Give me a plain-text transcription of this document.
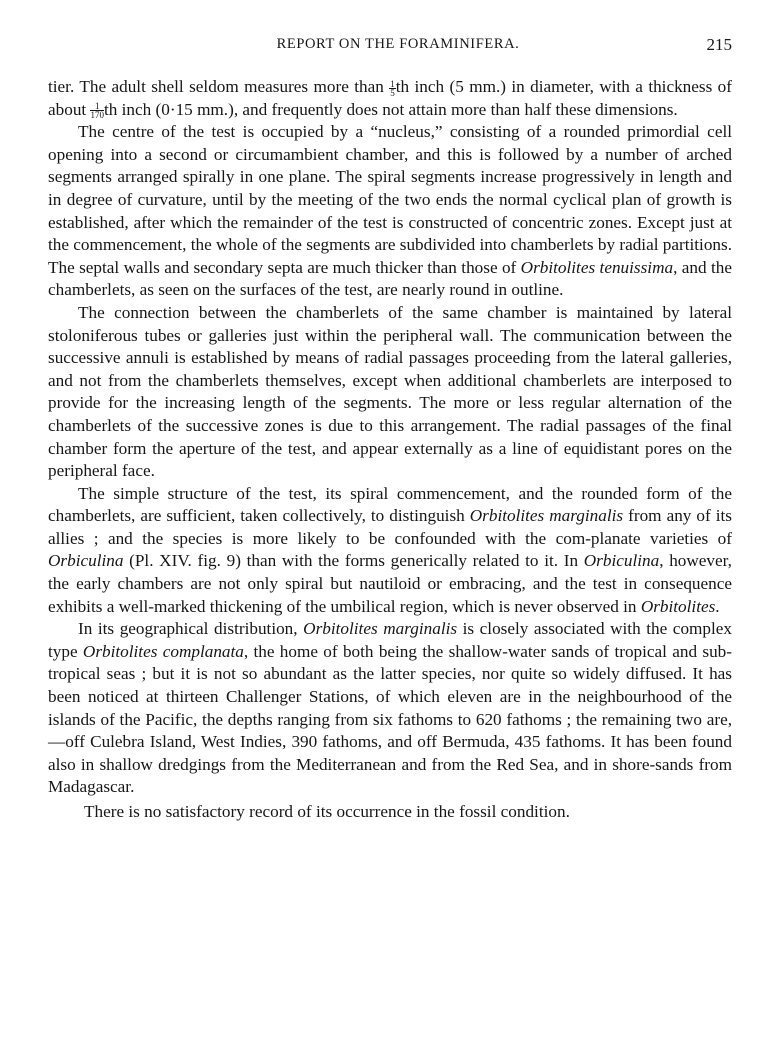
REPORT ON THE FORAMINIFERA.	215

tier. The adult shell seldom measures more than $\frac{1}{5}$ th inch (5 mm.) in diameter, with a thickness of about $\frac{1}{170}$ th inch (0·15 mm.), and frequently does not attain more than half these dimensions.

The centre of the test is occupied by a “nucleus,” consisting of a rounded primordial cell opening into a second or circumambient chamber, and this is followed by a number of arched segments arranged spirally in one plane. The spiral segments increase progressively in length and in degree of curvature, until by the meeting of the two ends the normal cyclical plan of growth is established, after which the remainder of the test is constructed of concentric zones. Except just at the commencement, the whole of the segments are subdivided into chamberlets by radial partitions. The septal walls and secondary septa are much thicker than those of Orbitolites tenuissima, and the chamberlets, as seen on the surfaces of the test, are nearly round in outline.

The connection between the chamberlets of the same chamber is maintained by lateral stoloniferous tubes or galleries just within the peripheral wall. The communication between the successive annuli is established by means of radial passages proceeding from the lateral galleries, and not from the chamberlets themselves, except when additional chamberlets are interposed to provide for the increasing length of the segments. The more or less regular alternation of the chamberlets of the successive zones is due to this arrangement. The radial passages of the final chamber form the aperture of the test, and appear externally as a line of equidistant pores on the peripheral face.

The simple structure of the test, its spiral commencement, and the rounded form of the chamberlets, are sufficient, taken collectively, to distinguish Orbitolites marginalis from any of its allies ; and the species is more likely to be confounded with the com-planate varieties of Orbiculina (Pl. XIV. fig. 9) than with the forms generically related to it. In Orbiculina, however, the early chambers are not only spiral but nautiloid or embracing, and the test in consequence exhibits a well-marked thickening of the umbilical region, which is never observed in Orbitolites.

In its geographical distribution, Orbitolites marginalis is closely associated with the complex type Orbitolites complanata, the home of both being the shallow-water sands of tropical and sub-tropical seas ; but it is not so abundant as the latter species, nor quite so widely diffused. It has been noticed at thirteen Challenger Stations, of which eleven are in the neighbourhood of the islands of the Pacific, the depths ranging from six fathoms to 620 fathoms ; the remaining two are,—off Culebra Island, West Indies, 390 fathoms, and off Bermuda, 435 fathoms. It has been found also in shallow dredgings from the Mediterranean and from the Red Sea, and in shore-sands from Madagascar.

There is no satisfactory record of its occurrence in the fossil condition.
